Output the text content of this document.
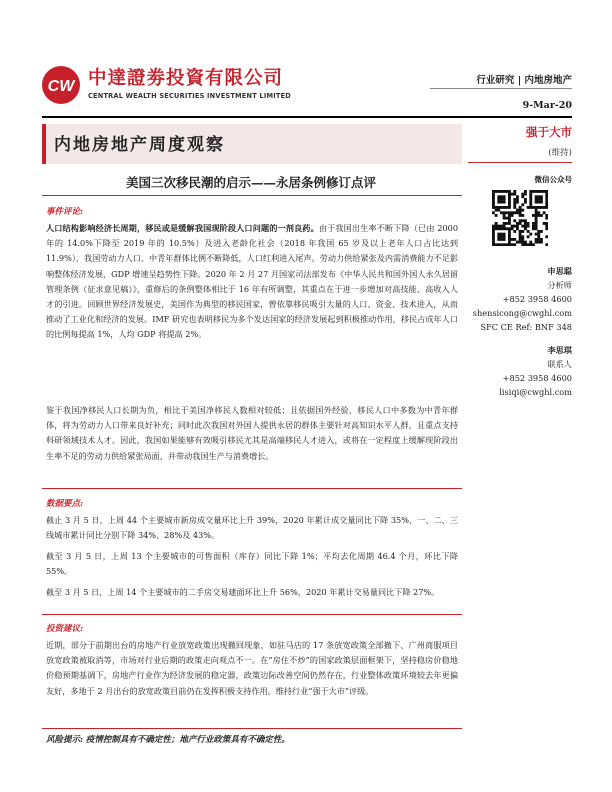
CW 中達證劵投資有限公司
CENTRAL WEALTH SECURITIES INVESTMENT LIMITED
行业研究 | 内地房地产
9-Mar-20
内地房地产周度观察
美国三次移民潮的启示——永居条例修订点评
事件评论:
人口结构影响经济长周期，移民或是缓解我国现阶段人口问题的一剂良药。由于我国出生率不断下降（已由 2000 年的 14.0%下降至 2019 年的 10.5%）及进入老龄化社会（2018 年我国 65 岁及以上老年人口占比达到 11.9%），我国劳动力人口、中青年群体比例不断降低，人口红利进入尾声。劳动力供给紧张及内需消费能力不足影响整体经济发展，GDP 增速呈趋势性下降。2020 年 2 月 27 月国家司法部发布《中华人民共和国外国人永久居留管理条例（征求意见稿）》，重修后的条例整体相比于 16 年有所调整，其重点在于进一步增加对高技能、高收入人才的引进。回顾世界经济发展史，美国作为典型的移民国家，曾依靠移民吸引大量的人口、资金、技术进入，从而推动了工业化和经济的发展。IMF 研究也表明移民为多个发达国家的经济发展起到积极推动作用，移民占成年人口的比例每提高 1%，人均 GDP 将提高 2%。
鉴于我国净移民人口长期为负，相比于美国净移民人数相对较低；且依据国外经验，移民人口中多数为中青年群体，将为劳动力人口带来良好补充；同时此次我国对外国人提供永居的群体主要针对高知识水平人群，且重点支持科研领域技术人才。因此，我国如果能够有效吸引移民尤其是高端移民人才进入，或将在一定程度上缓解现阶段出生率不足的劳动力供给紧张局面，并带动我国生产与消费增长。
数据要点:
截止 3 月 5 日，上周 44 个主要城市新房成交量环比上升 39%，2020 年累计成交量同比下降 35%，一、二、三线城市累计同比分别下降 34%、28%及 43%。
截至 3 月 5 日，上周 13 个主要城市的可售面积（库存）同比下降 1%；平均去化周期 46.4 个月，环比下降 55%。
截至 3 月 5 日，上周 14 个主要城市的二手房交易建面环比上升 56%，2020 年累计交易量同比下降 27%。
投资建议:
近期，部分于前期出台的房地产行业放宽政策出现撤回现象，如驻马店的 17 条放宽政策全部撤下、广州商服项目放宽政策被取消等，市场对行业后期的政策走向观点不一。在“房住不炒”的国家政策层面框架下，坚持稳房价稳地价稳预期基调下，房地产行业作为经济发展的稳定器，政策边际改善空间仍然存在，行业整体政策环境较去年更偏友好，多地于 2 月出台的放宽政策目前仍在发挥积极支持作用。维持行业“强于大市”评级。
风险提示: 疫情控制具有不确定性；地产行业政策具有不确定性。
强于大市
(维持)
微信公众号
申思聪
分析师
+852 3958 4600
shensicong@cwghl.com
SFC CE Ref: BNF 348
李思琪
联系人
+852 3958 4600
lisiqi@cwghl.com
